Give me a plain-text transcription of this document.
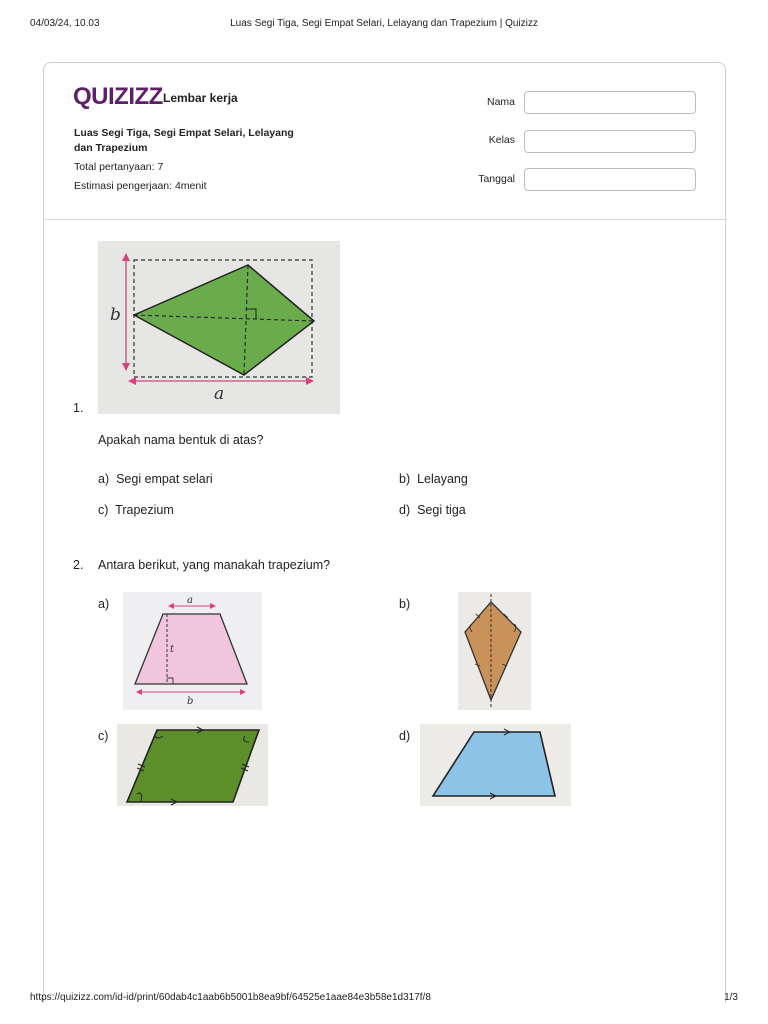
04/03/24, 10.03	Luas Segi Tiga, Segi Empat Selari, Lelayang dan Trapezium | Quizizz
QUIZIZZ Lembar kerja
Luas Segi Tiga, Segi Empat Selari, Lelayang dan Trapezium
Total pertanyaan: 7
Estimasi pengerjaan: 4menit
Nama
Kelas
Tanggal
b
a
1.
Apakah nama bentuk di atas?
a) Segi empat selari	b) Lelayang
c) Trapezium	d) Segi tiga
2. Antara berikut, yang manakah trapezium?
a)	a
t
b
b)
c)	d)
https://quizizz.com/id-id/print/60dab4c1aab6b5001b8ea9bf/64525e1aae84e3b58e1d317f/8	1/3
